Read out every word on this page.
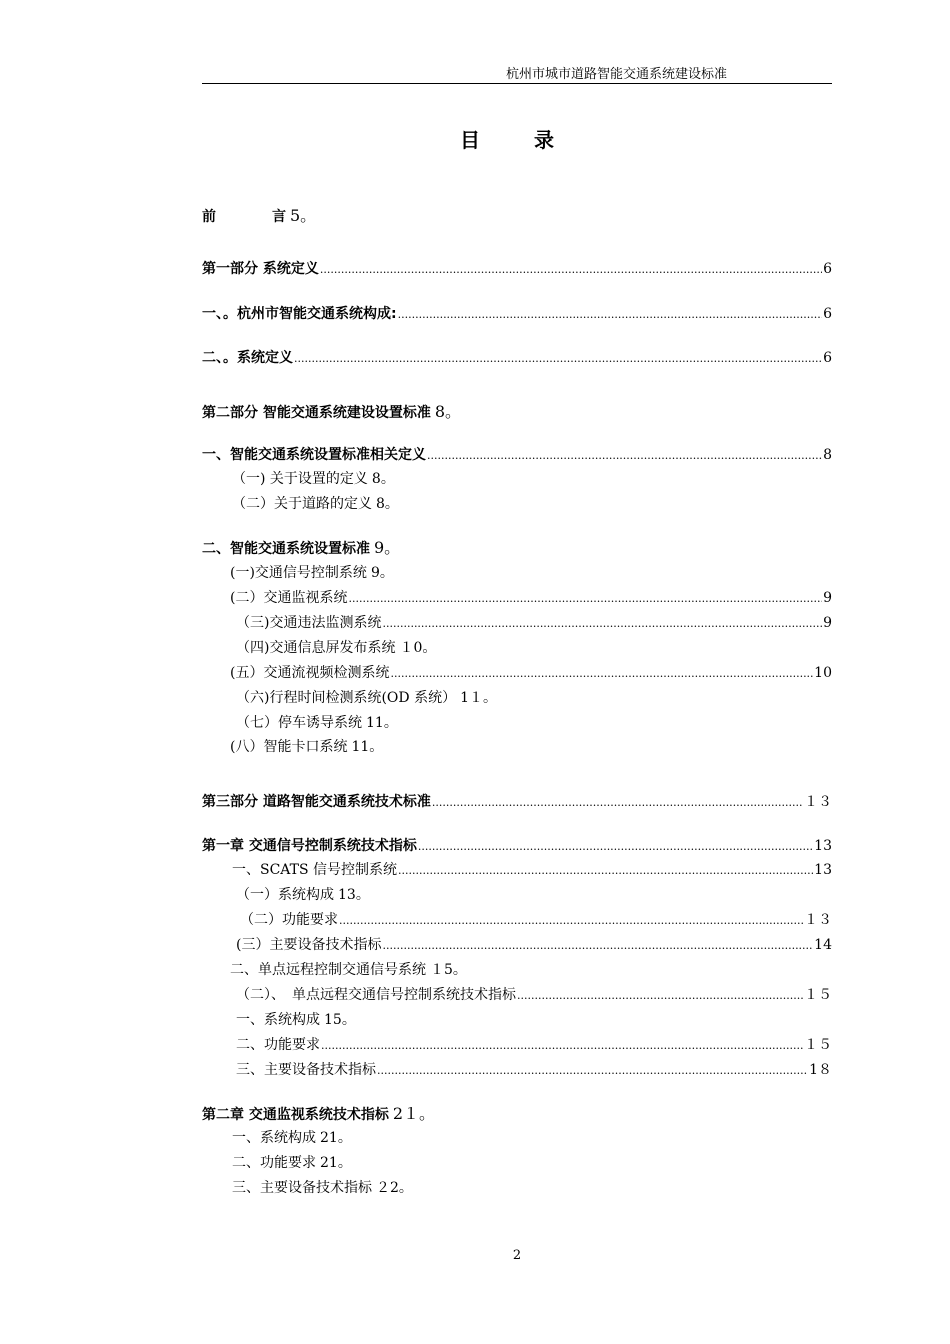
杭州市城市道路智能交通系统建设标准
目	录
前　　　　言 5。
第一部分 系统定义 .....	6
一、。杭州市智能交通系统构成: .....	6
二、。系统定义 .....	6
第二部分 智能交通系统建设设置标准 8。
一、智能交通系统设置标准相关定义 .....	8
（一) 关于设置的定义 8。
（二）关于道路的定义 8。
二、智能交通系统设置标准 9。
(一)交通信号控制系统 9。
(二）交通监视系统 .....	9
（三)交通违法监测系统 .....	9
（四)交通信息屏发布系统 １0。
(五）交通流视频检测系统 .....	10
（六)行程时间检测系统(OD 系统） 1１。
（七）停车诱导系统 11。
(八）智能卡口系统 11。
第三部分 道路智能交通系统技术标准 .....	１３
第一章 交通信号控制系统技术指标 .....	13
一、SCATS 信号控制系统 .....	13
（一）系统构成 13。
（二）功能要求 .....	１３
(三）主要设备技术指标 .....	14
二、单点远程控制交通信号系统 １5。
（二）、　单点远程交通信号控制系统技术指标 .....	１５
一、系统构成 15。
二、功能要求 .....	１５
三、主要设备技术指标 .....	1８
第二章 交通监视系统技术指标 2１。
一、系统构成 21。
二、功能要求 21。
三、主要设备技术指标 ２2。
2
